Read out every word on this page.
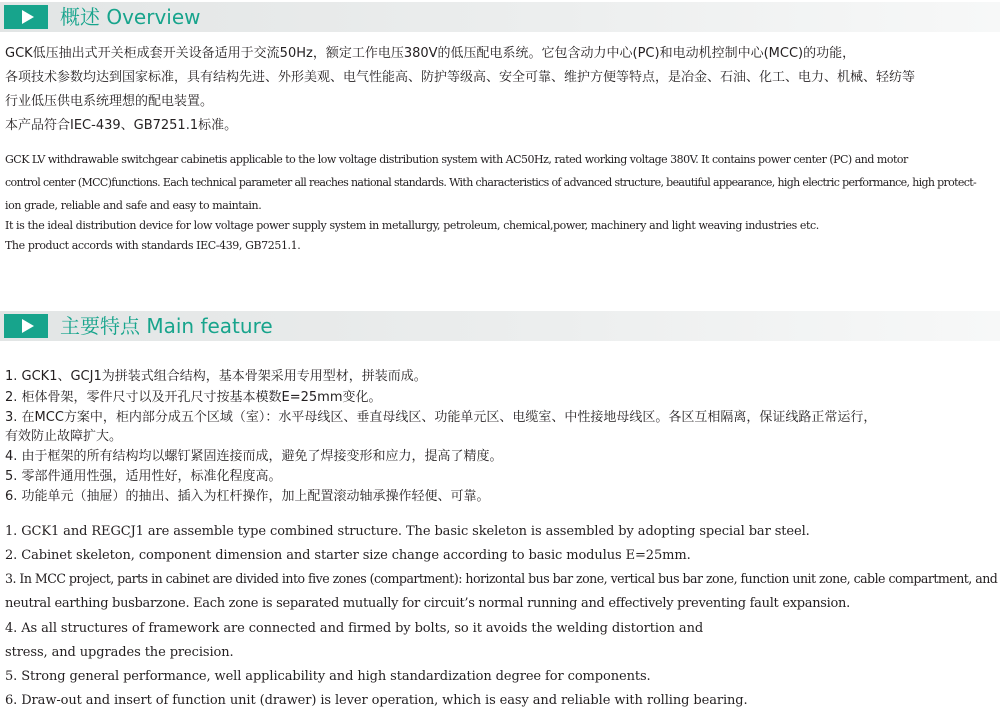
概述 Overview
GCK低压抽出式开关柜成套开关设备适用于交流50Hz，额定工作电压380V的低压配电系统。它包含动力中心(PC)和电动机控制中心(MCC)的功能，
各项技术参数均达到国家标准，具有结构先进、外形美观、电气性能高、防护等级高、安全可靠、维护方便等特点，是冶金、石油、化工、电力、机械、轻纺等
行业低压供电系统理想的配电装置。
本产品符合IEC-439、GB7251.1标准。
GCK LV withdrawable switchgear cabinetis applicable to the low voltage distribution system with AC50Hz, rated working voltage 380V. It contains power center (PC) and motor
control center (MCC)functions. Each technical parameter all reaches national standards. With characteristics of advanced structure, beautiful appearance, high electric performance, high protect-
ion grade, reliable and safe and easy to maintain.
It is the ideal distribution device for low voltage power supply system in metallurgy, petroleum, chemical,power, machinery and light weaving industries etc.
The product accords with standards IEC-439, GB7251.1.
主要特点 Main feature
1. GCK1、GCJ1为拼装式组合结构，基本骨架采用专用型材，拼装而成。
2. 柜体骨架，零件尺寸以及开孔尺寸按基本模数E=25mm变化。
3. 在MCC方案中，柜内部分成五个区域（室）：水平母线区、垂直母线区、功能单元区、电缆室、中性接地母线区。各区互相隔离，保证线路正常运行，
有效防止故障扩大。
4. 由于框架的所有结构均以螺钉紧固连接而成，避免了焊接变形和应力，提高了精度。
5. 零部件通用性强，适用性好，标准化程度高。
6. 功能单元（抽屉）的抽出、插入为杠杆操作，加上配置滚动轴承操作轻便、可靠。
1. GCK1 and REGCJ1 are assemble type combined structure. The basic skeleton is assembled by adopting special bar steel.
2. Cabinet skeleton, component dimension and starter size change according to basic modulus E=25mm.
3. In MCC project, parts in cabinet are divided into five zones (compartment): horizontal bus bar zone, vertical bus bar zone, function unit zone, cable compartment, and
neutral earthing busbarzone. Each zone is separated mutually for circuit’s normal running and effectively preventing fault expansion.
4. As all structures of framework are connected and firmed by bolts, so it avoids the welding distortion and
stress, and upgrades the precision.
5. Strong general performance, well applicability and high standardization degree for components.
6. Draw-out and insert of function unit (drawer) is lever operation, which is easy and reliable with rolling bearing.
